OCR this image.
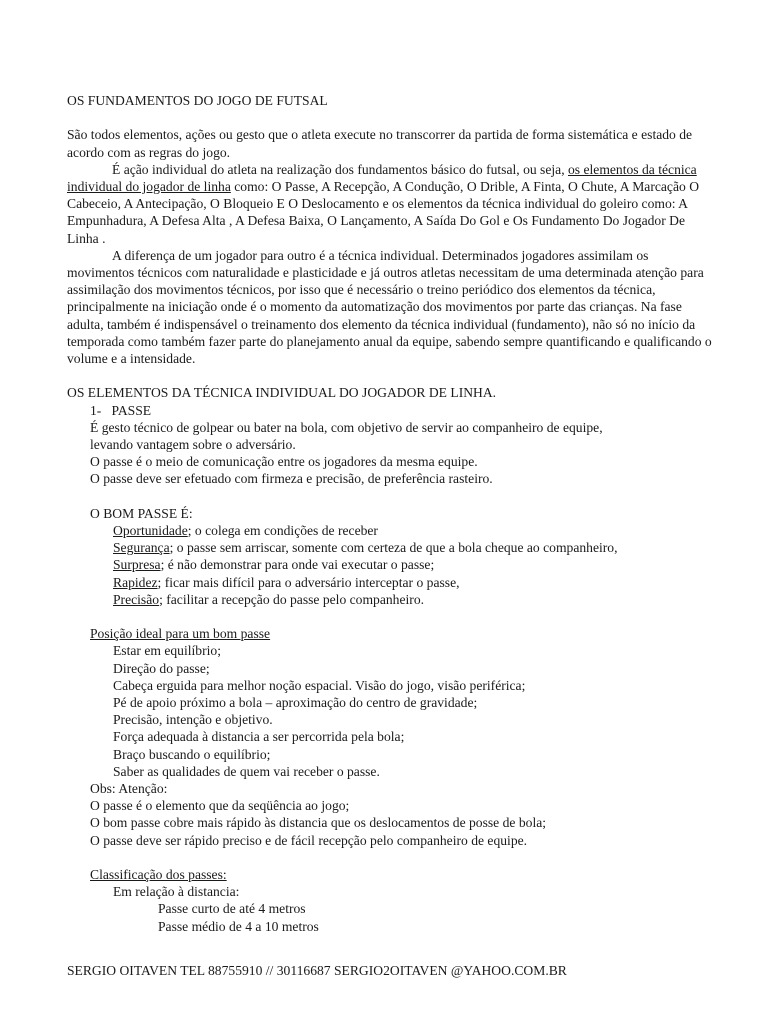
OS FUNDAMENTOS DO JOGO DE FUTSAL

São todos elementos, ações ou gesto que o atleta execute no transcorrer da partida de forma sistemática e estado de acordo com as regras do jogo.

É ação individual do atleta na realização dos fundamentos básico do futsal, ou seja, os elementos da técnica individual do jogador de linha como: O Passe, A Recepção, A Condução, O Drible, A Finta, O Chute, A Marcação O Cabeceio, A Antecipação, O Bloqueio E O Deslocamento e os elementos da técnica individual do goleiro como: A Empunhadura, A Defesa Alta , A Defesa Baixa, O Lançamento, A Saída Do Gol e Os Fundamento Do Jogador De Linha .

A diferença de um jogador para outro é a técnica individual. Determinados jogadores assimilam os movimentos técnicos com naturalidade e plasticidade e já outros atletas necessitam de uma determinada atenção para assimilação dos movimentos técnicos, por isso que é necessário o treino periódico dos elementos da técnica, principalmente na iniciação onde é o momento da automatização dos movimentos por parte das crianças. Na fase adulta, também é indispensável o treinamento dos elemento da técnica individual (fundamento), não só no início da temporada como também fazer parte do planejamento anual da equipe, sabendo sempre quantificando e qualificando o volume e a intensidade.

OS ELEMENTOS DA TÉCNICA INDIVIDUAL DO JOGADOR DE LINHA.

1- PASSE

É gesto técnico de golpear ou bater na bola, com objetivo de servir ao companheiro de equipe,

levando vantagem sobre o adversário.

O passe é o meio de comunicação entre os jogadores da mesma equipe.

O passe deve ser efetuado com firmeza e precisão, de preferência rasteiro.

O BOM PASSE É:

Oportunidade; o colega em condições de receber

Segurança; o passe sem arriscar, somente com certeza de que a bola cheque ao companheiro,

Surpresa; é não demonstrar para onde vai executar o passe;

Rapidez; ficar mais difícil para o adversário interceptar o passe,

Precisão; facilitar a recepção do passe pelo companheiro.

Posição ideal para um bom passe

Estar em equilíbrio;

Direção do passe;

Cabeça erguida para melhor noção espacial. Visão do jogo, visão periférica;

Pé de apoio próximo a bola – aproximação do centro de gravidade;

Precisão, intenção e objetivo.

Força adequada à distancia a ser percorrida pela bola;

Braço buscando o equilíbrio;

Saber as qualidades de quem vai receber o passe.

Obs: Atenção:

O passe é o elemento que da seqüência ao jogo;

O bom passe cobre mais rápido às distancia que os deslocamentos de posse de bola;

O passe deve ser rápido preciso e de fácil recepção pelo companheiro de equipe.

Classificação dos passes:

Em relação à distancia:

Passe curto de até 4 metros

Passe médio de 4 a 10 metros

SERGIO OITAVEN TEL 88755910 // 30116687 SERGIO2OITAVEN @YAHOO.COM.BR
